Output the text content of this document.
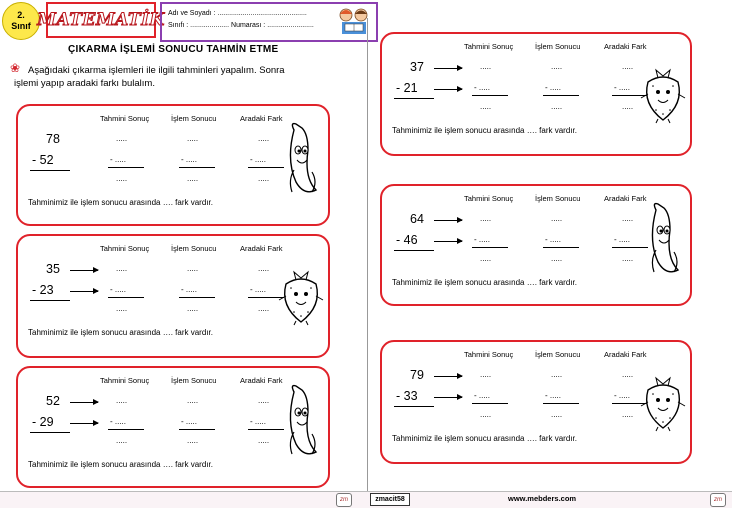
2.
Sınıf MATEMATİK Adı ve Soyadı : ..............................................
Sınıfı : .................... Numarası : ........................
ÇIKARMA İŞLEMİ SONUCU TAHMİN ETME
❀ Aşağıdaki çıkarma işlemleri ile ilgili tahminleri yapalım. Sonra
işlemi yapıp aradaki farkı bulalım.
Tahmini Sonuç	İşlem Sonucu	Aradaki Fark
78	.....	.....	.....
- 52	- .....	- .....	- .....
.....	.....	.....
Tahminimiz ile işlem sonucu arasında …. fark vardır.
Tahmini Sonuç	İşlem Sonucu	Aradaki Fark
35	.....	.....	.....
- 23	- .....	- .....	- .....
.....	.....	.....
Tahminimiz ile işlem sonucu arasında …. fark vardır.
Tahmini Sonuç	İşlem Sonucu	Aradaki Fark
52	.....	.....	.....
- 29	- .....	- .....	- .....
.....	.....	.....
Tahminimiz ile işlem sonucu arasında …. fark vardır.
Tahmini Sonuç	İşlem Sonucu	Aradaki Fark
37	.....	.....	.....
- 21	- .....	- .....	- .....
.....	.....	.....
Tahminimiz ile işlem sonucu arasında …. fark vardır.
Tahmini Sonuç	İşlem Sonucu	Aradaki Fark
64	.....	.....	.....
- 46	- .....	- .....	- .....
.....	.....	.....
Tahminimiz ile işlem sonucu arasında …. fark vardır.
Tahmini Sonuç	İşlem Sonucu	Aradaki Fark
79	.....	.....	.....
- 33	- .....	- .....	- .....
.....	.....	.....
Tahminimiz ile işlem sonucu arasında …. fark vardır.
zm	zmacit58	www.mebders.com	zm
